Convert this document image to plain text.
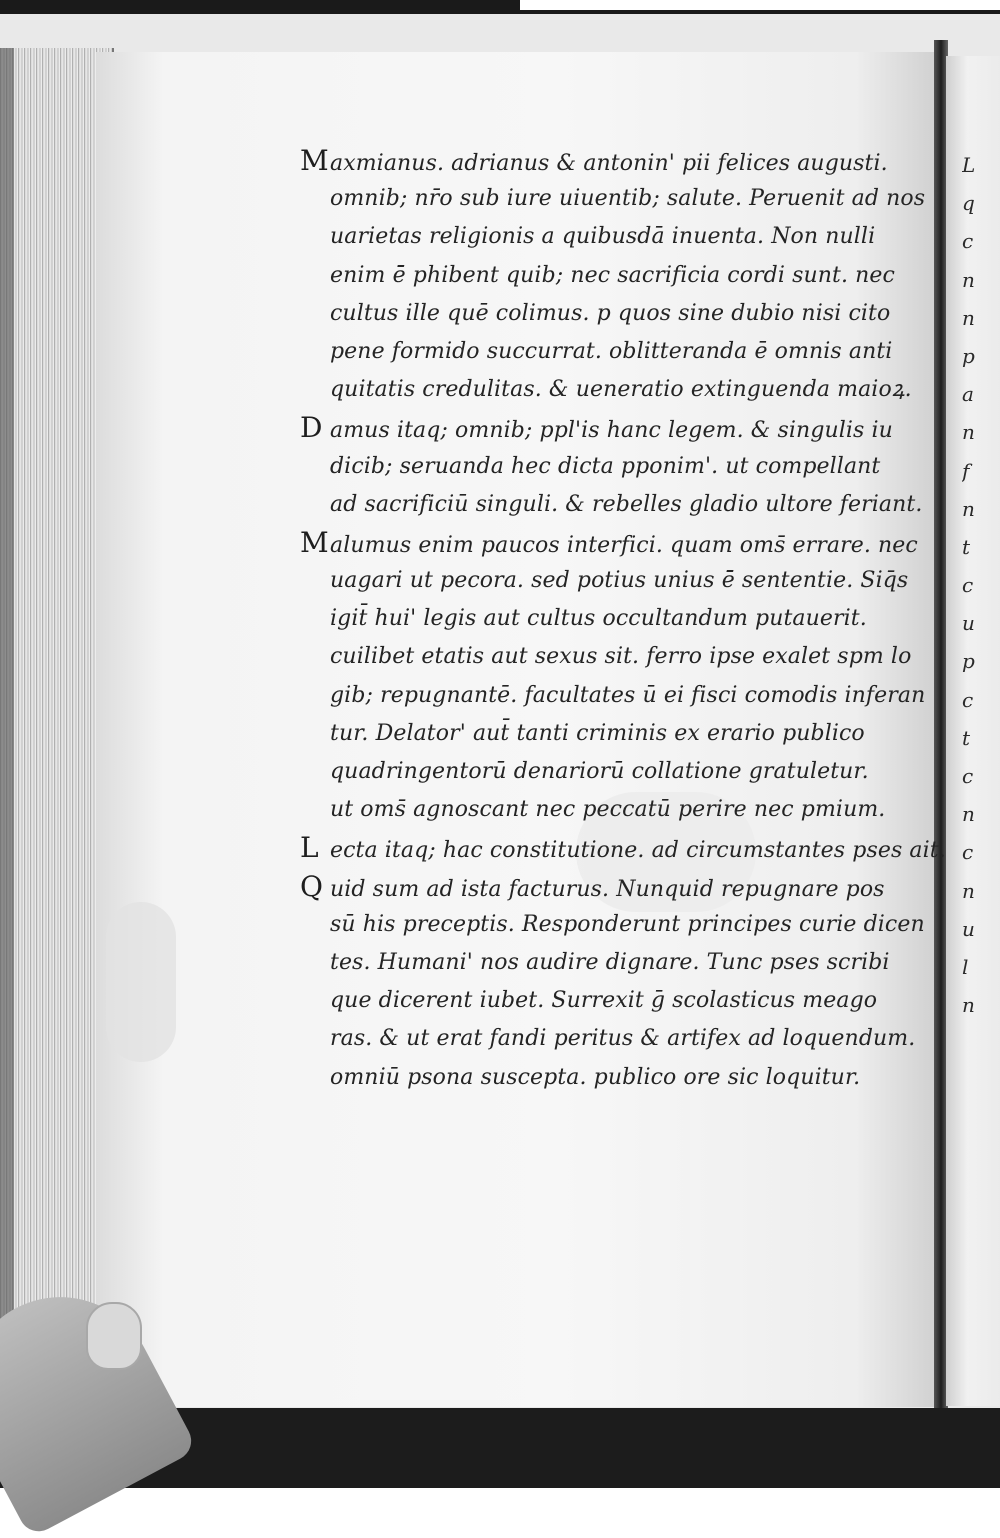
Maxmianus. adrianus & antonin' pii felices augusti.
omnib; nr̄o sub iure uiuentib; salute. Peruenit ad nos
uarietas religionis a quibusdā inuenta. Non nulli
enim ē̄ phibent quib; nec sacrificia cordi sunt. nec
cultus ille quē colimus. p quos sine dubio nisi cito
pene formido succurrat. oblitteranda ē omnis anti
quitatis credulitas. & ueneratio extinguenda maioꝝ.
D amus itaq; omnib; ppl'is hanc legem. & singulis iu
dicib; seruanda hec dicta pponim'. ut compellant
ad sacrificiū singuli. & rebelles gladio ultore feriant.
Malumus enim paucos interfici. quam oms̄ errare. nec
uagari ut pecora. sed potius unius ē̄ sententie. Siq̄s
igit̄ hui' legis aut cultus occultandum putauerit.
cuilibet etatis aut sexus sit. ferro ipse exalet spm lo
gib; repugnantē. facultates ū ei fisci comodis inferan
tur. Delator' aut̄ tanti criminis ex erario publico
quadringentorū denariorū collatione gratuletur.
ut oms̄ agnoscant nec peccatū perire nec pmium.
L ecta itaq; hac constitutione. ad circumstantes pses ait.
Q uid sum ad ista facturus. Nunquid repugnare pos
sū his preceptis. Responderunt principes curie dicen
tes. Humani' nos audire dignare. Tunc pses scribi
que dicerent iubet. Surrexit ḡ scolasticus meago
ras. & ut erat fandi peritus & artifex ad loquendum.
omniū psona suscepta. publico ore sic loquitur.
L
q
c
n
n
p
a
n
f
n
t
c
u
p
c
t
c
n
c
n
u
l
n
